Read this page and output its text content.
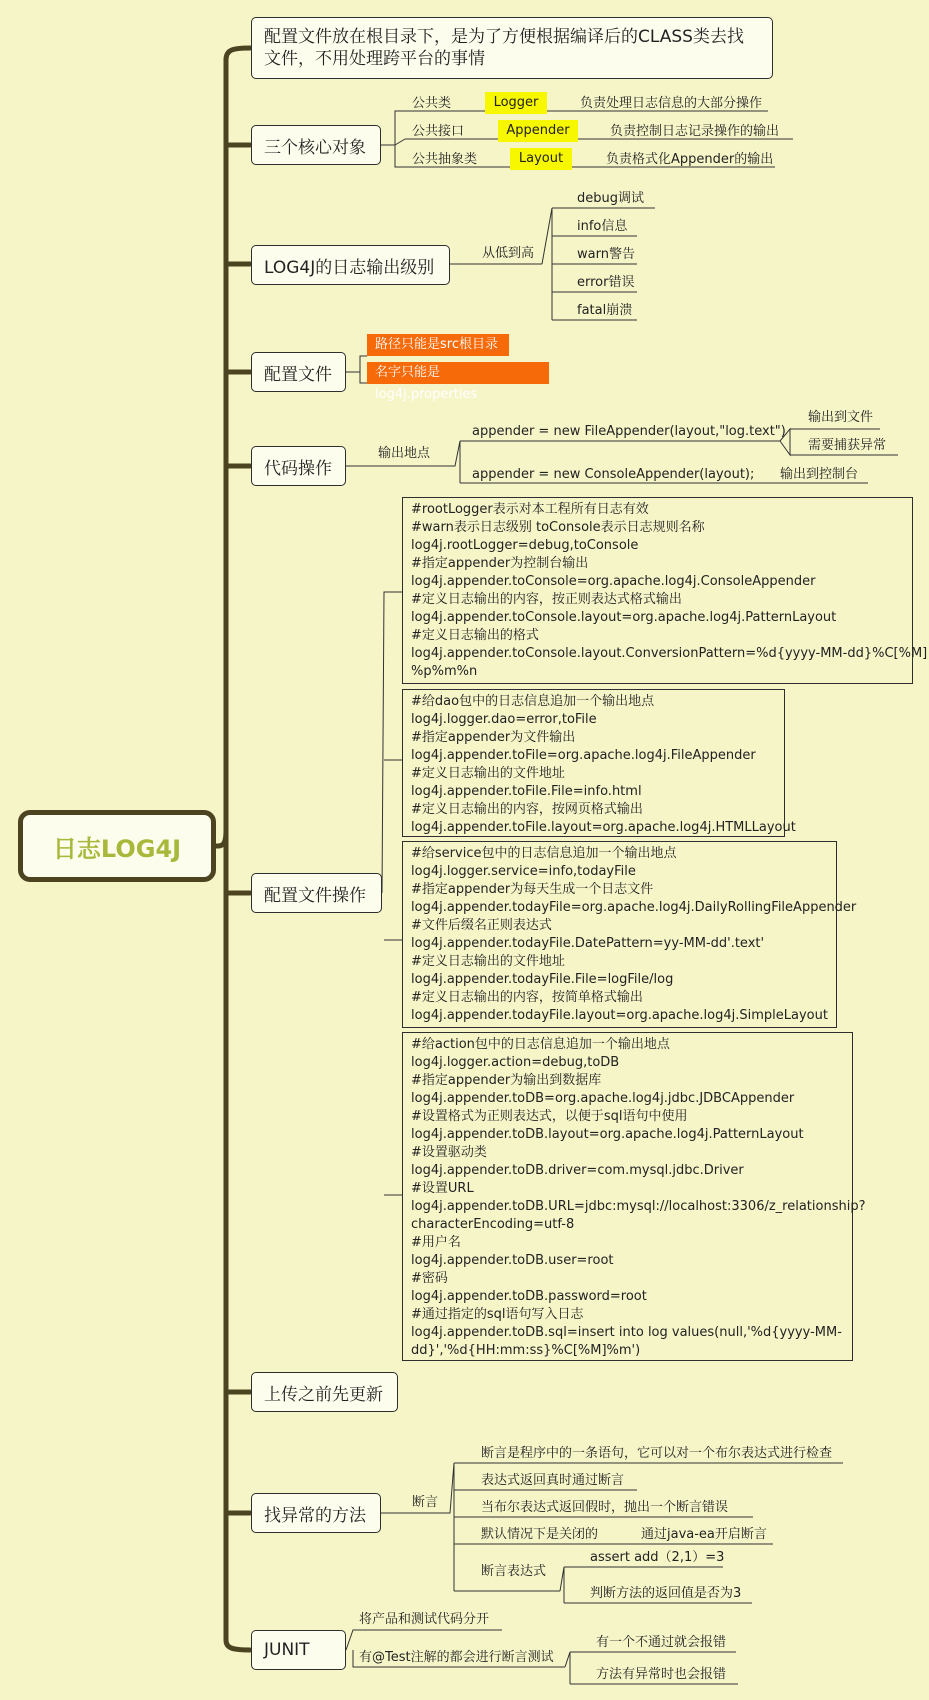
日志LOG4J
配置文件放在根目录下，是为了方便根据编译后的CLASS类去找文件，不用处理跨平台的事情
三个核心对象
LOG4J的日志输出级别
配置文件
代码操作
配置文件操作
上传之前先更新
找异常的方法
JUNIT
公共类	Logger	负责处理日志信息的大部分操作
公共接口	Appender	负责控制日志记录操作的输出
公共抽象类	Layout	负责格式化Appender的输出
从低到高
debug调试
info信息
warn警告
error错误
fatal崩溃
路径只能是src根目录
名字只能是log4j.properties
输出地点
appender = new FileAppender(layout,"log.text")
输出到文件
需要捕获异常
appender = new ConsoleAppender(layout); 输出到控制台
#rootLogger表示对本工程所有日志有效
#warn表示日志级别 toConsole表示日志规则名称
log4j.rootLogger=debug,toConsole
#指定appender为控制台输出
log4j.appender.toConsole=org.apache.log4j.ConsoleAppender
#定义日志输出的内容，按正则表达式格式输出
log4j.appender.toConsole.layout=org.apache.log4j.PatternLayout
#定义日志输出的格式
log4j.appender.toConsole.layout.ConversionPattern=%d{yyyy-MM-dd}%C[%M]
%p%m%n
#给dao包中的日志信息追加一个输出地点
log4j.logger.dao=error,toFile
#指定appender为文件输出
log4j.appender.toFile=org.apache.log4j.FileAppender
#定义日志输出的文件地址
log4j.appender.toFile.File=info.html
#定义日志输出的内容，按网页格式输出
log4j.appender.toFile.layout=org.apache.log4j.HTMLLayout
#给service包中的日志信息追加一个输出地点
log4j.logger.service=info,todayFile
#指定appender为每天生成一个日志文件
log4j.appender.todayFile=org.apache.log4j.DailyRollingFileAppender
#文件后缀名正则表达式
log4j.appender.todayFile.DatePattern=yy-MM-dd'.text'
#定义日志输出的文件地址
log4j.appender.todayFile.File=logFile/log
#定义日志输出的内容，按简单格式输出
log4j.appender.todayFile.layout=org.apache.log4j.SimpleLayout
#给action包中的日志信息追加一个输出地点
log4j.logger.action=debug,toDB
#指定appender为输出到数据库
log4j.appender.toDB=org.apache.log4j.jdbc.JDBCAppender
#设置格式为正则表达式，以便于sql语句中使用
log4j.appender.toDB.layout=org.apache.log4j.PatternLayout
#设置驱动类
log4j.appender.toDB.driver=com.mysql.jdbc.Driver
#设置URL
log4j.appender.toDB.URL=jdbc:mysql://localhost:3306/z_relationship?
characterEncoding=utf-8
#用户名
log4j.appender.toDB.user=root
#密码
log4j.appender.toDB.password=root
#通过指定的sql语句写入日志
log4j.appender.toDB.sql=insert into log values(null,'%d{yyyy-MM-
dd}','%d{HH:mm:ss}%C[%M]%m')
断言
断言是程序中的一条语句，它可以对一个布尔表达式进行检查
表达式返回真时通过断言
当布尔表达式返回假时，抛出一个断言错误
默认情况下是关闭的	通过java-ea开启断言
断言表达式
assert add（2,1）=3
判断方法的返回值是否为3
将产品和测试代码分开
有@Test注解的都会进行断言测试
有一个不通过就会报错
方法有异常时也会报错
